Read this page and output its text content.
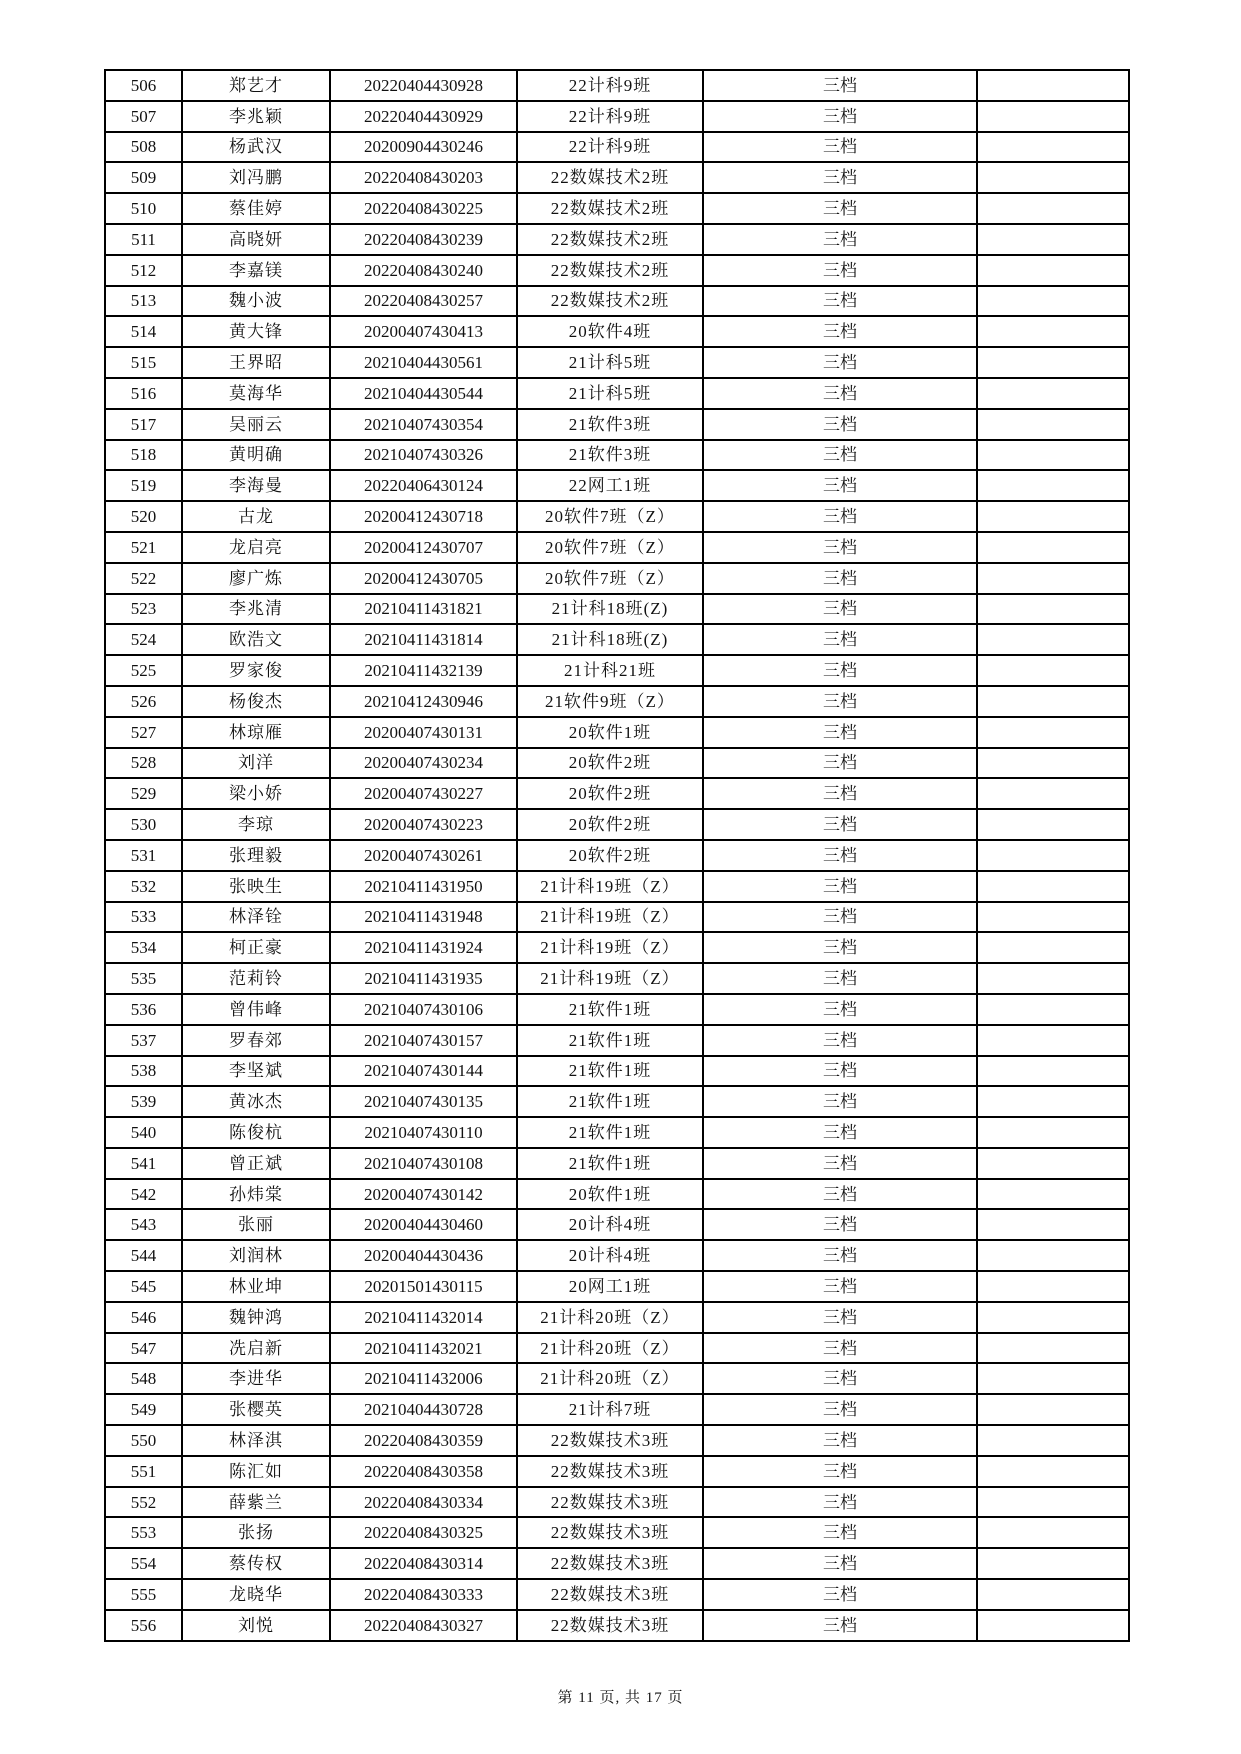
506	郑艺才	20220404430928	22计科9班	三档	
507	李兆颖	20220404430929	22计科9班	三档	
508	杨武汉	20200904430246	22计科9班	三档	
509	刘冯鹏	20220408430203	22数媒技术2班	三档	
510	蔡佳婷	20220408430225	22数媒技术2班	三档	
511	高晓妍	20220408430239	22数媒技术2班	三档	
512	李嘉镁	20220408430240	22数媒技术2班	三档	
513	魏小波	20220408430257	22数媒技术2班	三档	
514	黄大锋	20200407430413	20软件4班	三档	
515	王界昭	20210404430561	21计科5班	三档	
516	莫海华	20210404430544	21计科5班	三档	
517	吴丽云	20210407430354	21软件3班	三档	
518	黄明确	20210407430326	21软件3班	三档	
519	李海曼	20220406430124	22网工1班	三档	
520	古龙	20200412430718	20软件7班（Z）	三档	
521	龙启亮	20200412430707	20软件7班（Z）	三档	
522	廖广炼	20200412430705	20软件7班（Z）	三档	
523	李兆清	20210411431821	21计科18班(Z)	三档	
524	欧浩文	20210411431814	21计科18班(Z)	三档	
525	罗家俊	20210411432139	21计科21班	三档	
526	杨俊杰	20210412430946	21软件9班（Z）	三档	
527	林琼雁	20200407430131	20软件1班	三档	
528	刘洋	20200407430234	20软件2班	三档	
529	梁小娇	20200407430227	20软件2班	三档	
530	李琼	20200407430223	20软件2班	三档	
531	张理毅	20200407430261	20软件2班	三档	
532	张映生	20210411431950	21计科19班（Z）	三档	
533	林泽铨	20210411431948	21计科19班（Z）	三档	
534	柯正豪	20210411431924	21计科19班（Z）	三档	
535	范莉铃	20210411431935	21计科19班（Z）	三档	
536	曾伟峰	20210407430106	21软件1班	三档	
537	罗春郊	20210407430157	21软件1班	三档	
538	李坚斌	20210407430144	21软件1班	三档	
539	黄冰杰	20210407430135	21软件1班	三档	
540	陈俊杭	20210407430110	21软件1班	三档	
541	曾正斌	20210407430108	21软件1班	三档	
542	孙炜棠	20200407430142	20软件1班	三档	
543	张丽	20200404430460	20计科4班	三档	
544	刘润林	20200404430436	20计科4班	三档	
545	林业坤	20201501430115	20网工1班	三档	
546	魏钟鸿	20210411432014	21计科20班（Z）	三档	
547	冼启新	20210411432021	21计科20班（Z）	三档	
548	李进华	20210411432006	21计科20班（Z）	三档	
549	张樱英	20210404430728	21计科7班	三档	
550	林泽淇	20220408430359	22数媒技术3班	三档	
551	陈汇如	20220408430358	22数媒技术3班	三档	
552	薛紫兰	20220408430334	22数媒技术3班	三档	
553	张扬	20220408430325	22数媒技术3班	三档	
554	蔡传权	20220408430314	22数媒技术3班	三档	
555	龙晓华	20220408430333	22数媒技术3班	三档	
556	刘悦	20220408430327	22数媒技术3班	三档	
第 11 页, 共 17 页
